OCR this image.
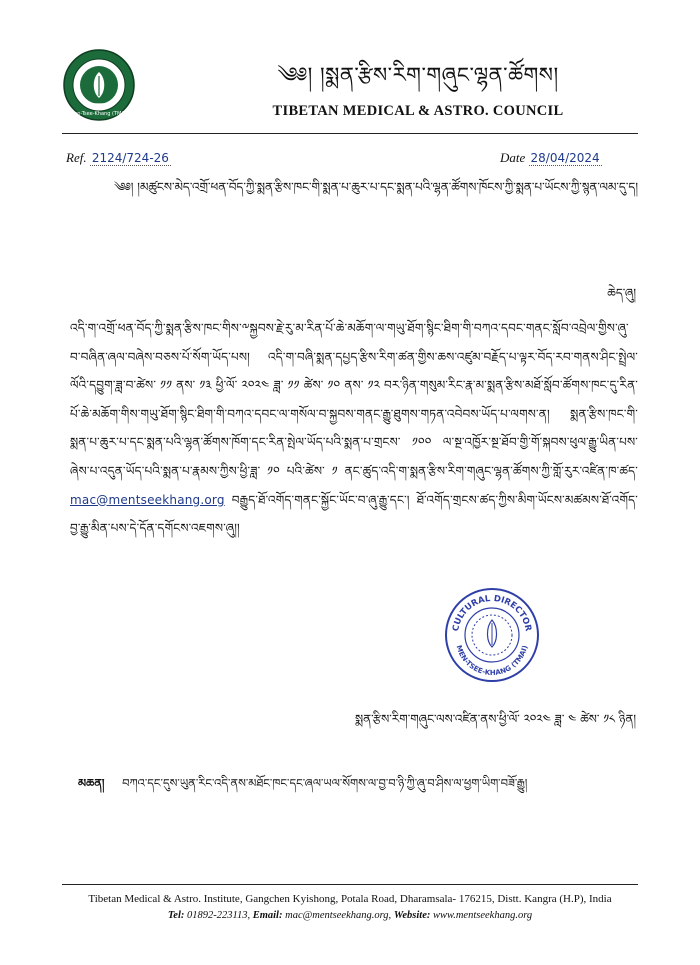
Men-Tsee-Khang (TMAI)
༄༅། །སྨན་རྩིས་རིག་གཞུང་ལྷན་ཚོགས།
TIBETAN MEDICAL & ASTRO. COUNCIL
Ref. 2124/724-26	Date 28/04/2024
༄༅། །མཚུངས་མེད་འགྲོ་ཕན་བོད་ཀྱི་སྨན་རྩིས་ཁང་གི་སྨན་པ་ཆུར་པ་དང་སྨན་པའི་ལྷན་ཚོགས་ཁོངས་ཀྱི་སྨན་པ་ཡོངས་ཀྱི་སྙན་ལམ་དུ་ད།
ཆེད་ཞུ།
འདི་ག་འགྲོ་ཕན་བོད་ཀྱི་སྨན་རྩིས་ཁང་གིས་༸སྐྱབས་རྗེ་རུ་མ་རིན་པོ་ཆེ་མཆོག་ལ་གཡུ་ཐོག་སྙིང་ཐིག་གི་བཀའ་དབང་གནང་སློབ་འབྲེལ་གྱིས་ཞུ་བ་བཞིན་ཞལ་བཞེས་བཅས་པོ་སོག་ཡོད་པས། འདི་ག་བཞི་སྨན་དཔྱད་རྩིས་རིག་ཚན་གྱིས་ཆས་འཛུམ་བརྗོད་པ་ལྟར་བོད་རབ་གནས་ཤིང་སྤྲེལ་ལོའི་དབྱུག་ཟླ་བ་ཚེས་ ༡༡ ནས་ ༡༣ ཕྱི་ལོ་ ༢༠༢༤ ཟླ་ ༡༡ ཚེས་ ༡༠ ནས་ ༡༢ བར་ཉིན་གསུམ་རིང་རྣ་མ་སྨན་རྩིས་མཐོ་སློབ་ཚོགས་ཁང་དུ་རིན་པོ་ཆེ་མཆོག་གིས་གཡུ་ཐོག་སྙིང་ཐིག་གི་བཀའ་དབང་ལ་གསོལ་བ་སྐྱབས་གནང་རྒྱུ་ཐུགས་གཏན་འབེབས་ཡོད་པ་ལགས་ན། སྨན་རྩིས་ཁང་གི་སྨན་པ་ཆུར་པ་དང་སྨན་པའི་ལྷན་ཚོགས་ཁོག་དང་རིན་སྤེལ་ཡོད་པའི་སྨན་པ་གྲངས་ ༡༠༠ ལ་སྔ་འཁྱོར་སྔ་ཐོབ་གྱི་གོ་སྐབས་ཕུལ་རྒྱུ་ཡིན་པས་ཞེས་པ་འདུན་ཡོད་པའི་སྨན་པ་རྣམས་ཀྱིས་ཕྱི་ཟླ་ ༡༠ པའི་ཚེས་ ༡ ནང་ཚུད་འདི་ག་སྨན་རྩིས་རིག་གཞུང་ལྷན་ཚོགས་ཀྱི་གློ་རུར་འཛིན་ཁ་ཚད་ mac@mentseekhang.org བརྒྱུད་ཐོ་འགོད་གནང་སྐྱོང་ཡོང་བ་ཞུ་རྒྱུ་དང་། ཐོ་འགོད་གྲངས་ཚད་ཀྱིས་མིག་ཡོངས་མཚམས་ཐོ་འགོད་བྱ་རྒྱུ་མིན་པས་དེ་དོན་དགོངས་འཇགས་ཞུ།།
CULTURAL DIRECTOR
MEN-TSEE-KHANG (TMAI)
སྨན་རྩིས་རིག་གཞུང་ལས་འཛིན་ནས་ཕྱི་ལོ་ ༢༠༢༤ ཟླ་ ༤ ཚེས་ ༡༨ ཉིན།
མཆན། བཀའ་དང་དུས་ཡུན་རིང་འདི་ནས་མཐོང་ཁང་དང་ཞལ་ཡལ་སོགས་ལ་བྱ་བ་ཉི་ཀྱི་ཞུ་བ་ཤིས་ལ་ཕྱག་ཡིག་བཟོ་རྒྱུ།
Tibetan Medical & Astro. Institute, Gangchen Kyishong, Potala Road, Dharamsala- 176215, Distt. Kangra (H.P), India
Tel: 01892-223113, Email: mac@mentseekhang.org, Website: www.mentseekhang.org
